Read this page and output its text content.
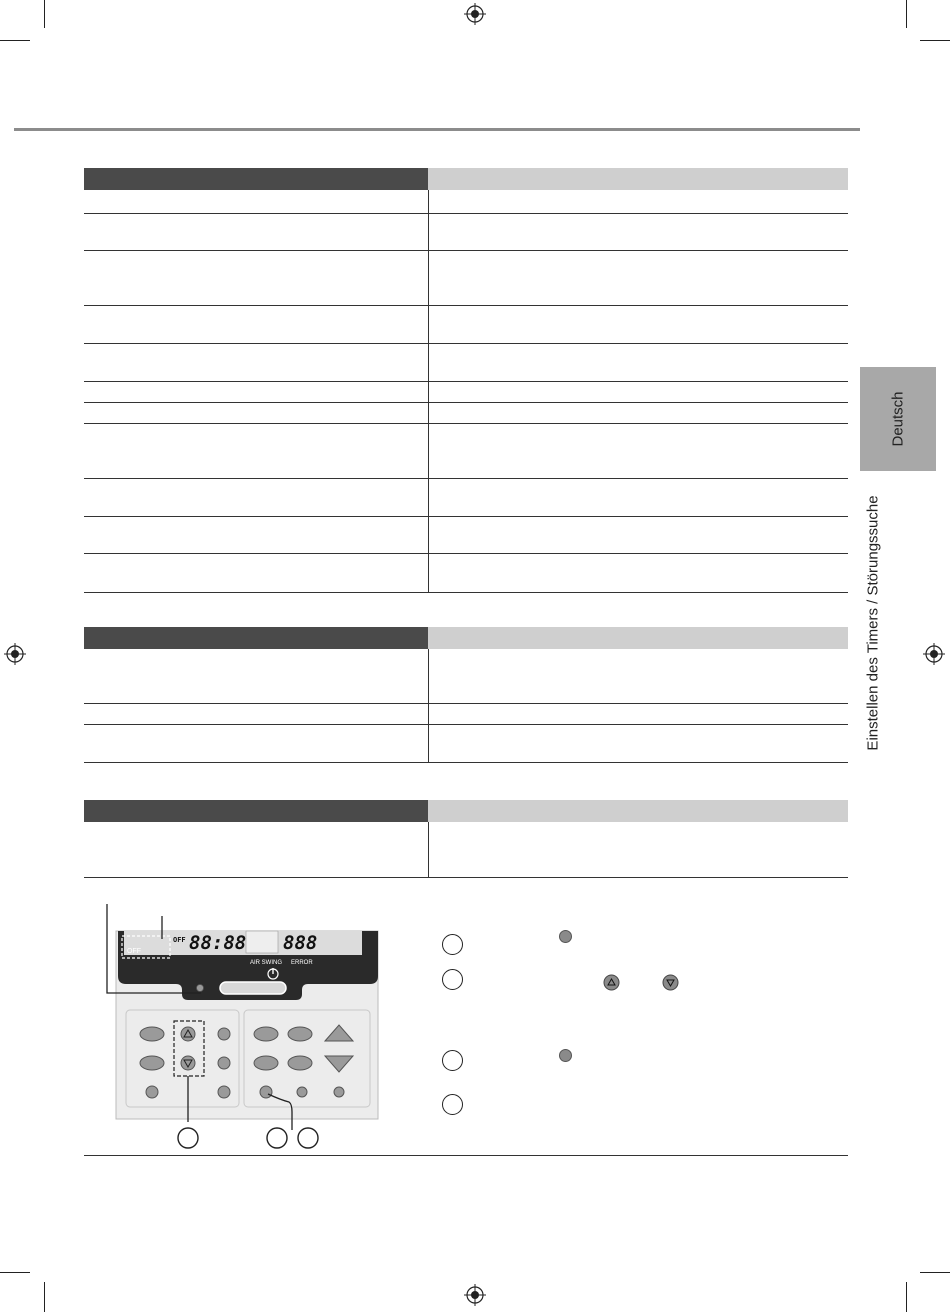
Deutsch
Einstellen des Timers / Störungssuche
OFF 88:88 888
OFF
AIR SWING ERROR
